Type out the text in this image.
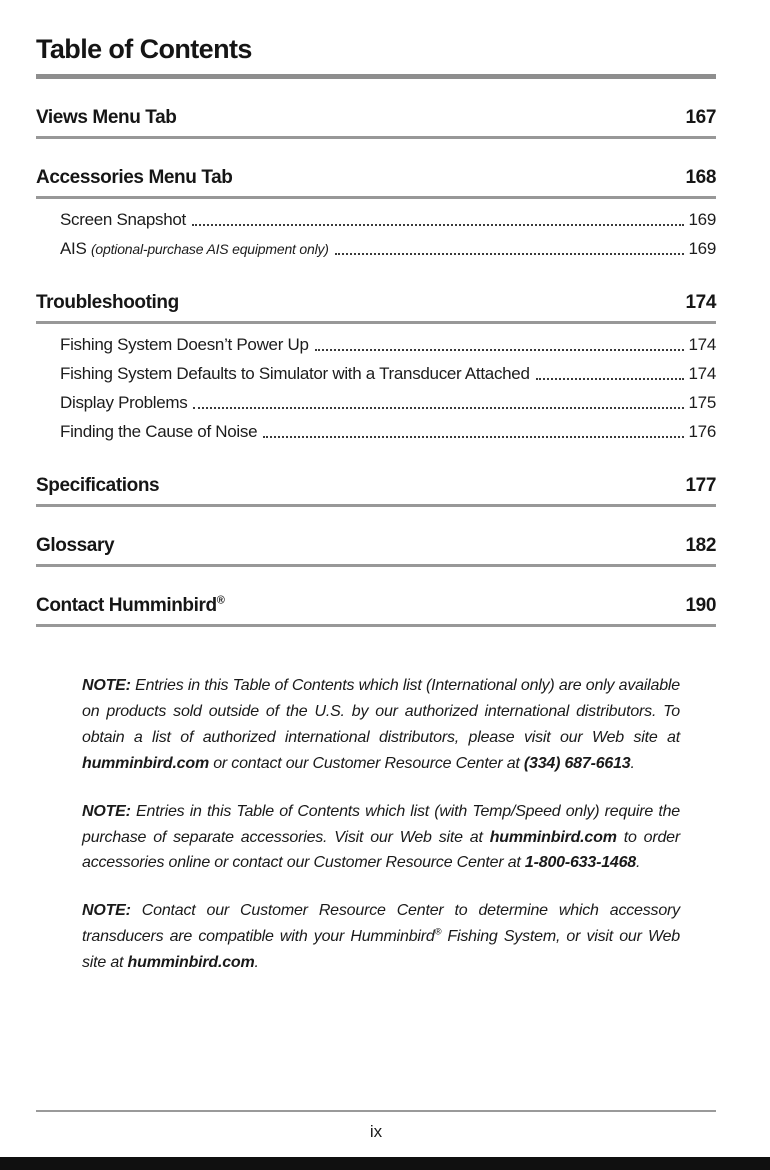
Table of Contents
Views Menu Tab	167
Accessories Menu Tab	168
Screen Snapshot	169
AIS (optional-purchase AIS equipment only)	169
Troubleshooting	174
Fishing System Doesn’t Power Up	174
Fishing System Defaults to Simulator with a Transducer Attached	174
Display Problems	175
Finding the Cause of Noise	176
Specifications	177
Glossary	182
Contact Humminbird®	190

NOTE: Entries in this Table of Contents which list (International only) are only available on products sold outside of the U.S. by our authorized international distributors. To obtain a list of authorized international distributors, please visit our Web site at humminbird.com or contact our Customer Resource Center at (334) 687-6613.

NOTE: Entries in this Table of Contents which list (with Temp/Speed only) require the purchase of separate accessories. Visit our Web site at humminbird.com to order accessories online or contact our Customer Resource Center at 1-800-633-1468.

NOTE: Contact our Customer Resource Center to determine which accessory transducers are compatible with your Humminbird® Fishing System, or visit our Web site at humminbird.com.

ix
